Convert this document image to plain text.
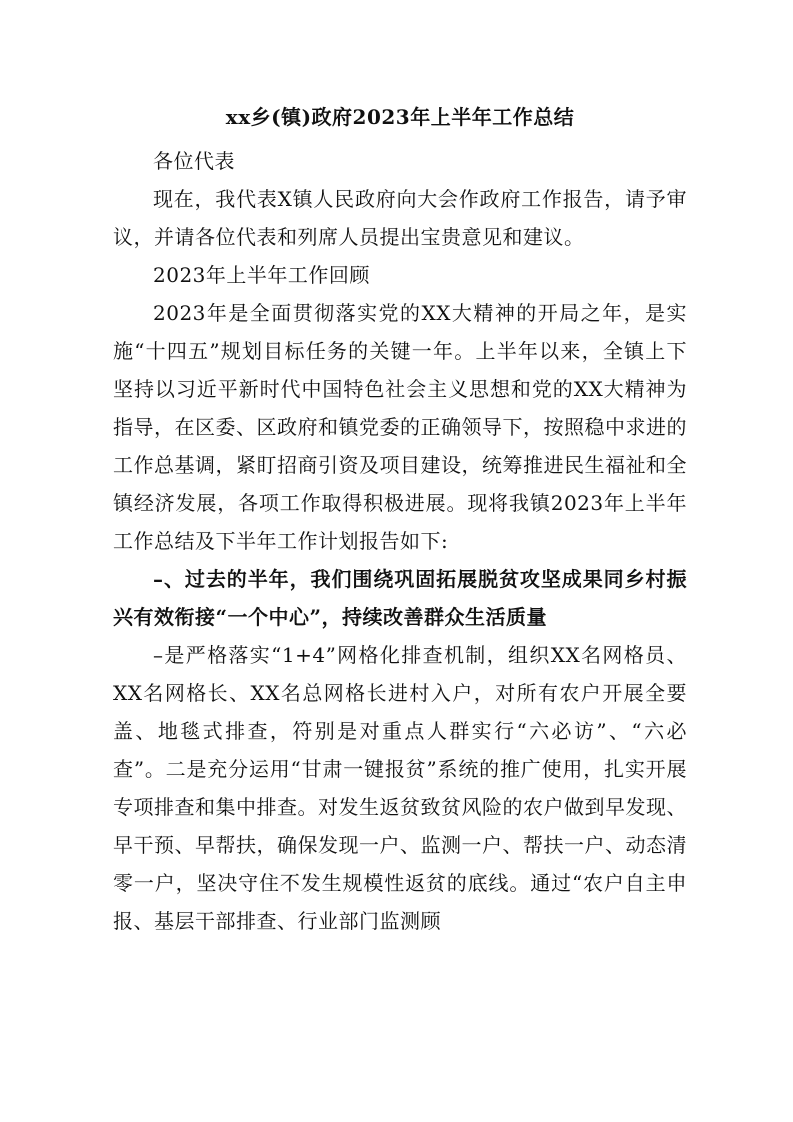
xx乡(镇)政府2023年上半年工作总结

各位代表

现在，我代表X镇人民政府向大会作政府工作报告，请予审议，并请各位代表和列席人员提出宝贵意见和建议。

2023年上半年工作回顾

2023年是全面贯彻落实党的XX大精神的开局之年，是实施“十四五”规划目标任务的关键一年。上半年以来，全镇上下坚持以习近平新时代中国特色社会主义思想和党的XX大精神为指导，在区委、区政府和镇党委的正确领导下，按照稳中求进的工作总基调，紧盯招商引资及项目建设，统筹推进民生福祉和全镇经济发展，各项工作取得积极进展。现将我镇2023年上半年工作总结及下半年工作计划报告如下:

–、过去的半年，我们围绕巩固拓展脱贫攻坚成果同乡村振兴有效衔接“一个中心”，持续改善群众生活质量

–是严格落实“1+4”网格化排查机制，组织XX名网格员、XX名网格长、XX名总网格长进村入户，对所有农户开展全要盖、地毯式排查，符别是对重点人群实行“六必访”、“六必查”。二是充分运用“甘肃一键报贫”系统的推广使用，扎实开展专项排查和集中排查。对发生返贫致贫风险的农户做到早发现、早干预、早帮扶，确保发现一户、监测一户、帮扶一户、动态清零一户，坚决守住不发生规模性返贫的底线。通过“农户自主申报、基层干部排查、行业部门监测顾
